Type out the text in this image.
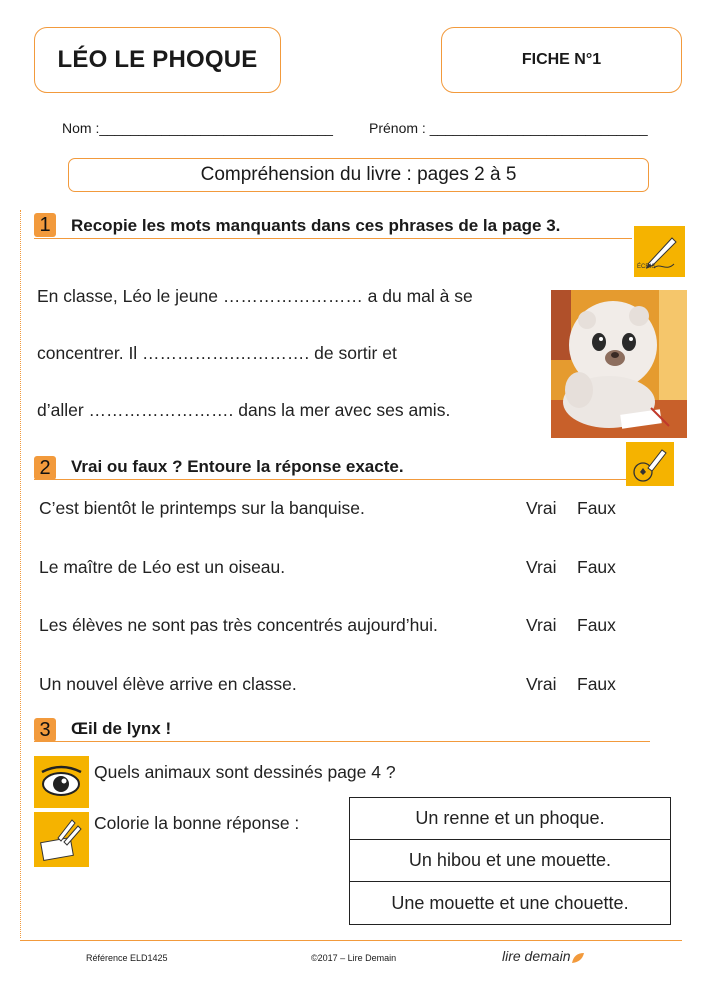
LÉO LE PHOQUE	FICHE N°1
Nom :______________________________	Prénom : ____________________________
Compréhension du livre : pages 2 à 5
1	Recopie les mots manquants dans ces phrases de la page 3.
ÉCRIS
En classe, Léo le jeune …………………… a du mal à se
concentrer. Il …………….…………. de sortir et
d’aller ……………………. dans la mer avec ses amis.
2	Vrai ou faux ? Entoure la réponse exacte.
C’est bientôt le printemps sur la banquise.	Vrai Faux
Le maître de Léo est un oiseau.	Vrai Faux
Les élèves ne sont pas très concentrés aujourd’hui.	Vrai Faux
Un nouvel élève arrive en classe.	Vrai Faux
3	Œil de lynx !
Quels animaux sont dessinés page 4 ?
Colorie la bonne réponse :	Un renne et un phoque.
Un hibou et une mouette.
Une mouette et une chouette.
Référence ELD1425	©2017 – Lire Demain	lire demain
